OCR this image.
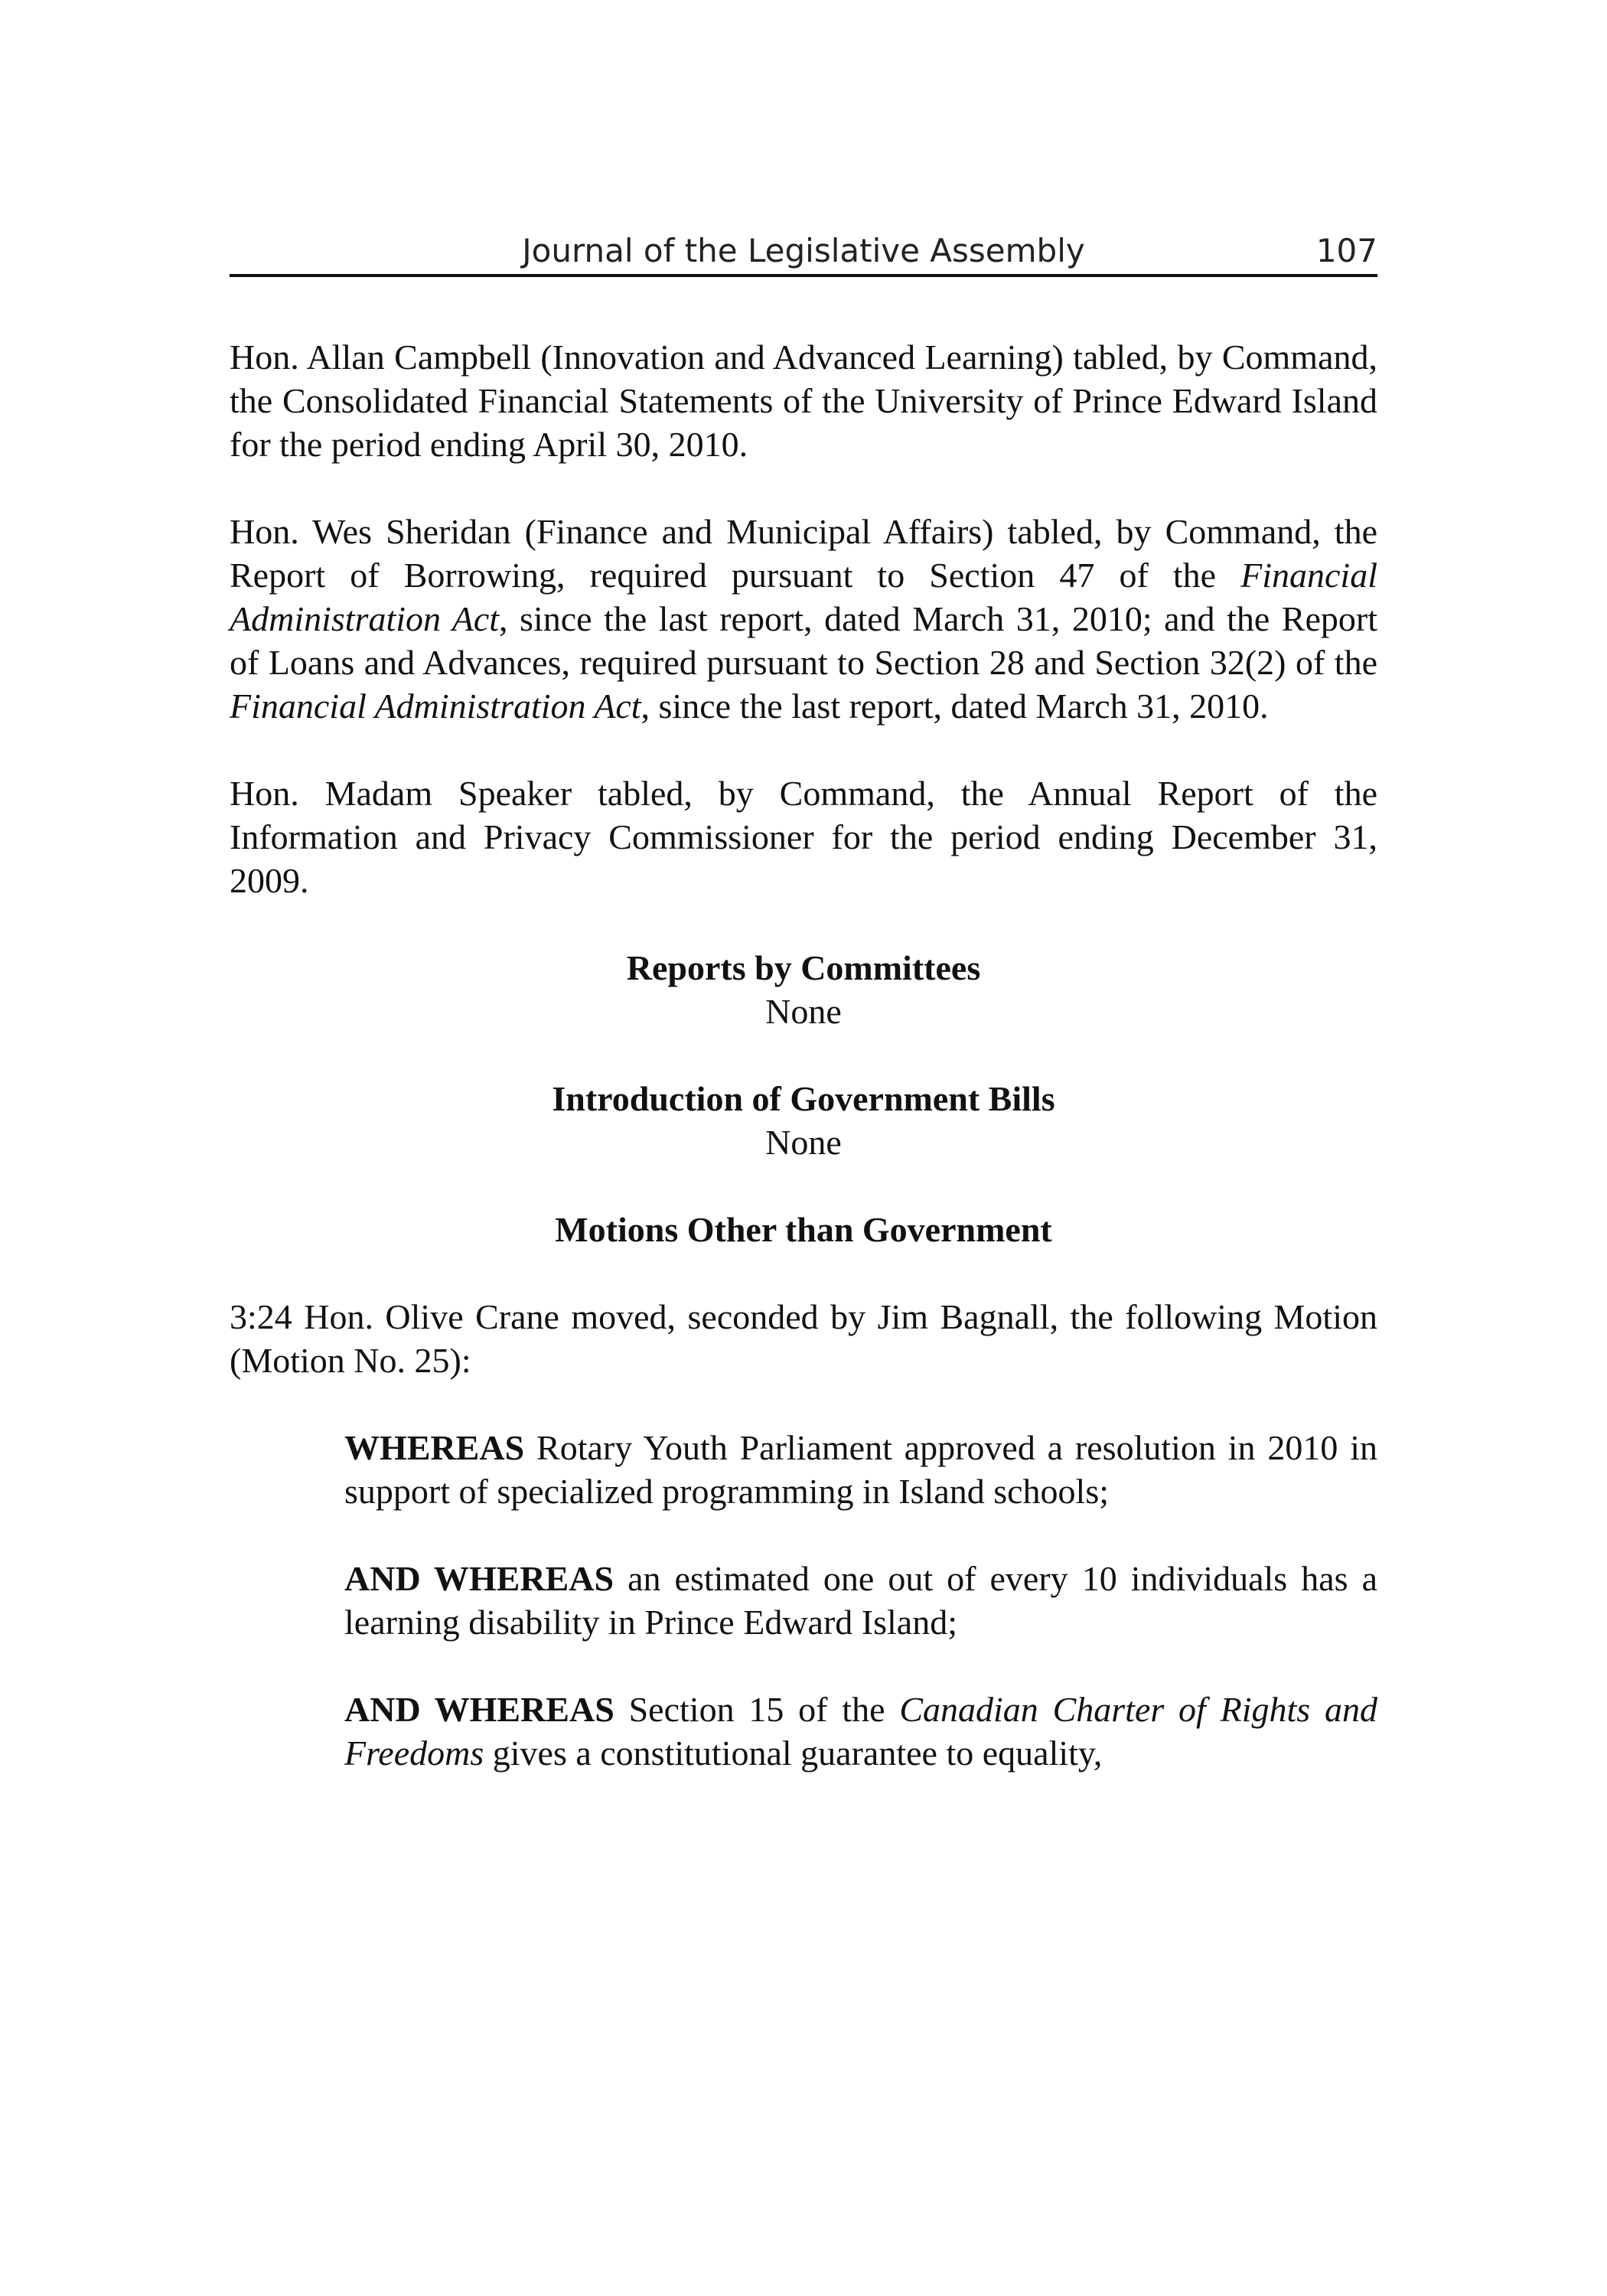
Journal of the Legislative Assembly	107

Hon. Allan Campbell (Innovation and Advanced Learning) tabled, by Command, the Consolidated Financial Statements of the University of Prince Edward Island for the period ending April 30, 2010.

Hon. Wes Sheridan (Finance and Municipal Affairs) tabled, by Command, the Report of Borrowing, required pursuant to Section 47 of the Financial Administration Act, since the last report, dated March 31, 2010; and the Report of Loans and Advances, required pursuant to Section 28 and Section 32(2) of the Financial Administration Act, since the last report, dated March 31, 2010.

Hon. Madam Speaker tabled, by Command, the Annual Report of the Information and Privacy Commissioner for the period ending December 31, 2009.

Reports by Committees
None
Introduction of Government Bills
None
Motions Other than Government

3:24 Hon. Olive Crane moved, seconded by Jim Bagnall, the following Motion (Motion No. 25):

WHEREAS Rotary Youth Parliament approved a resolution in 2010 in support of specialized programming in Island schools;

AND WHEREAS an estimated one out of every 10 individuals has a learning disability in Prince Edward Island;

AND WHEREAS Section 15 of the Canadian Charter of Rights and Freedoms gives a constitutional guarantee to equality,
